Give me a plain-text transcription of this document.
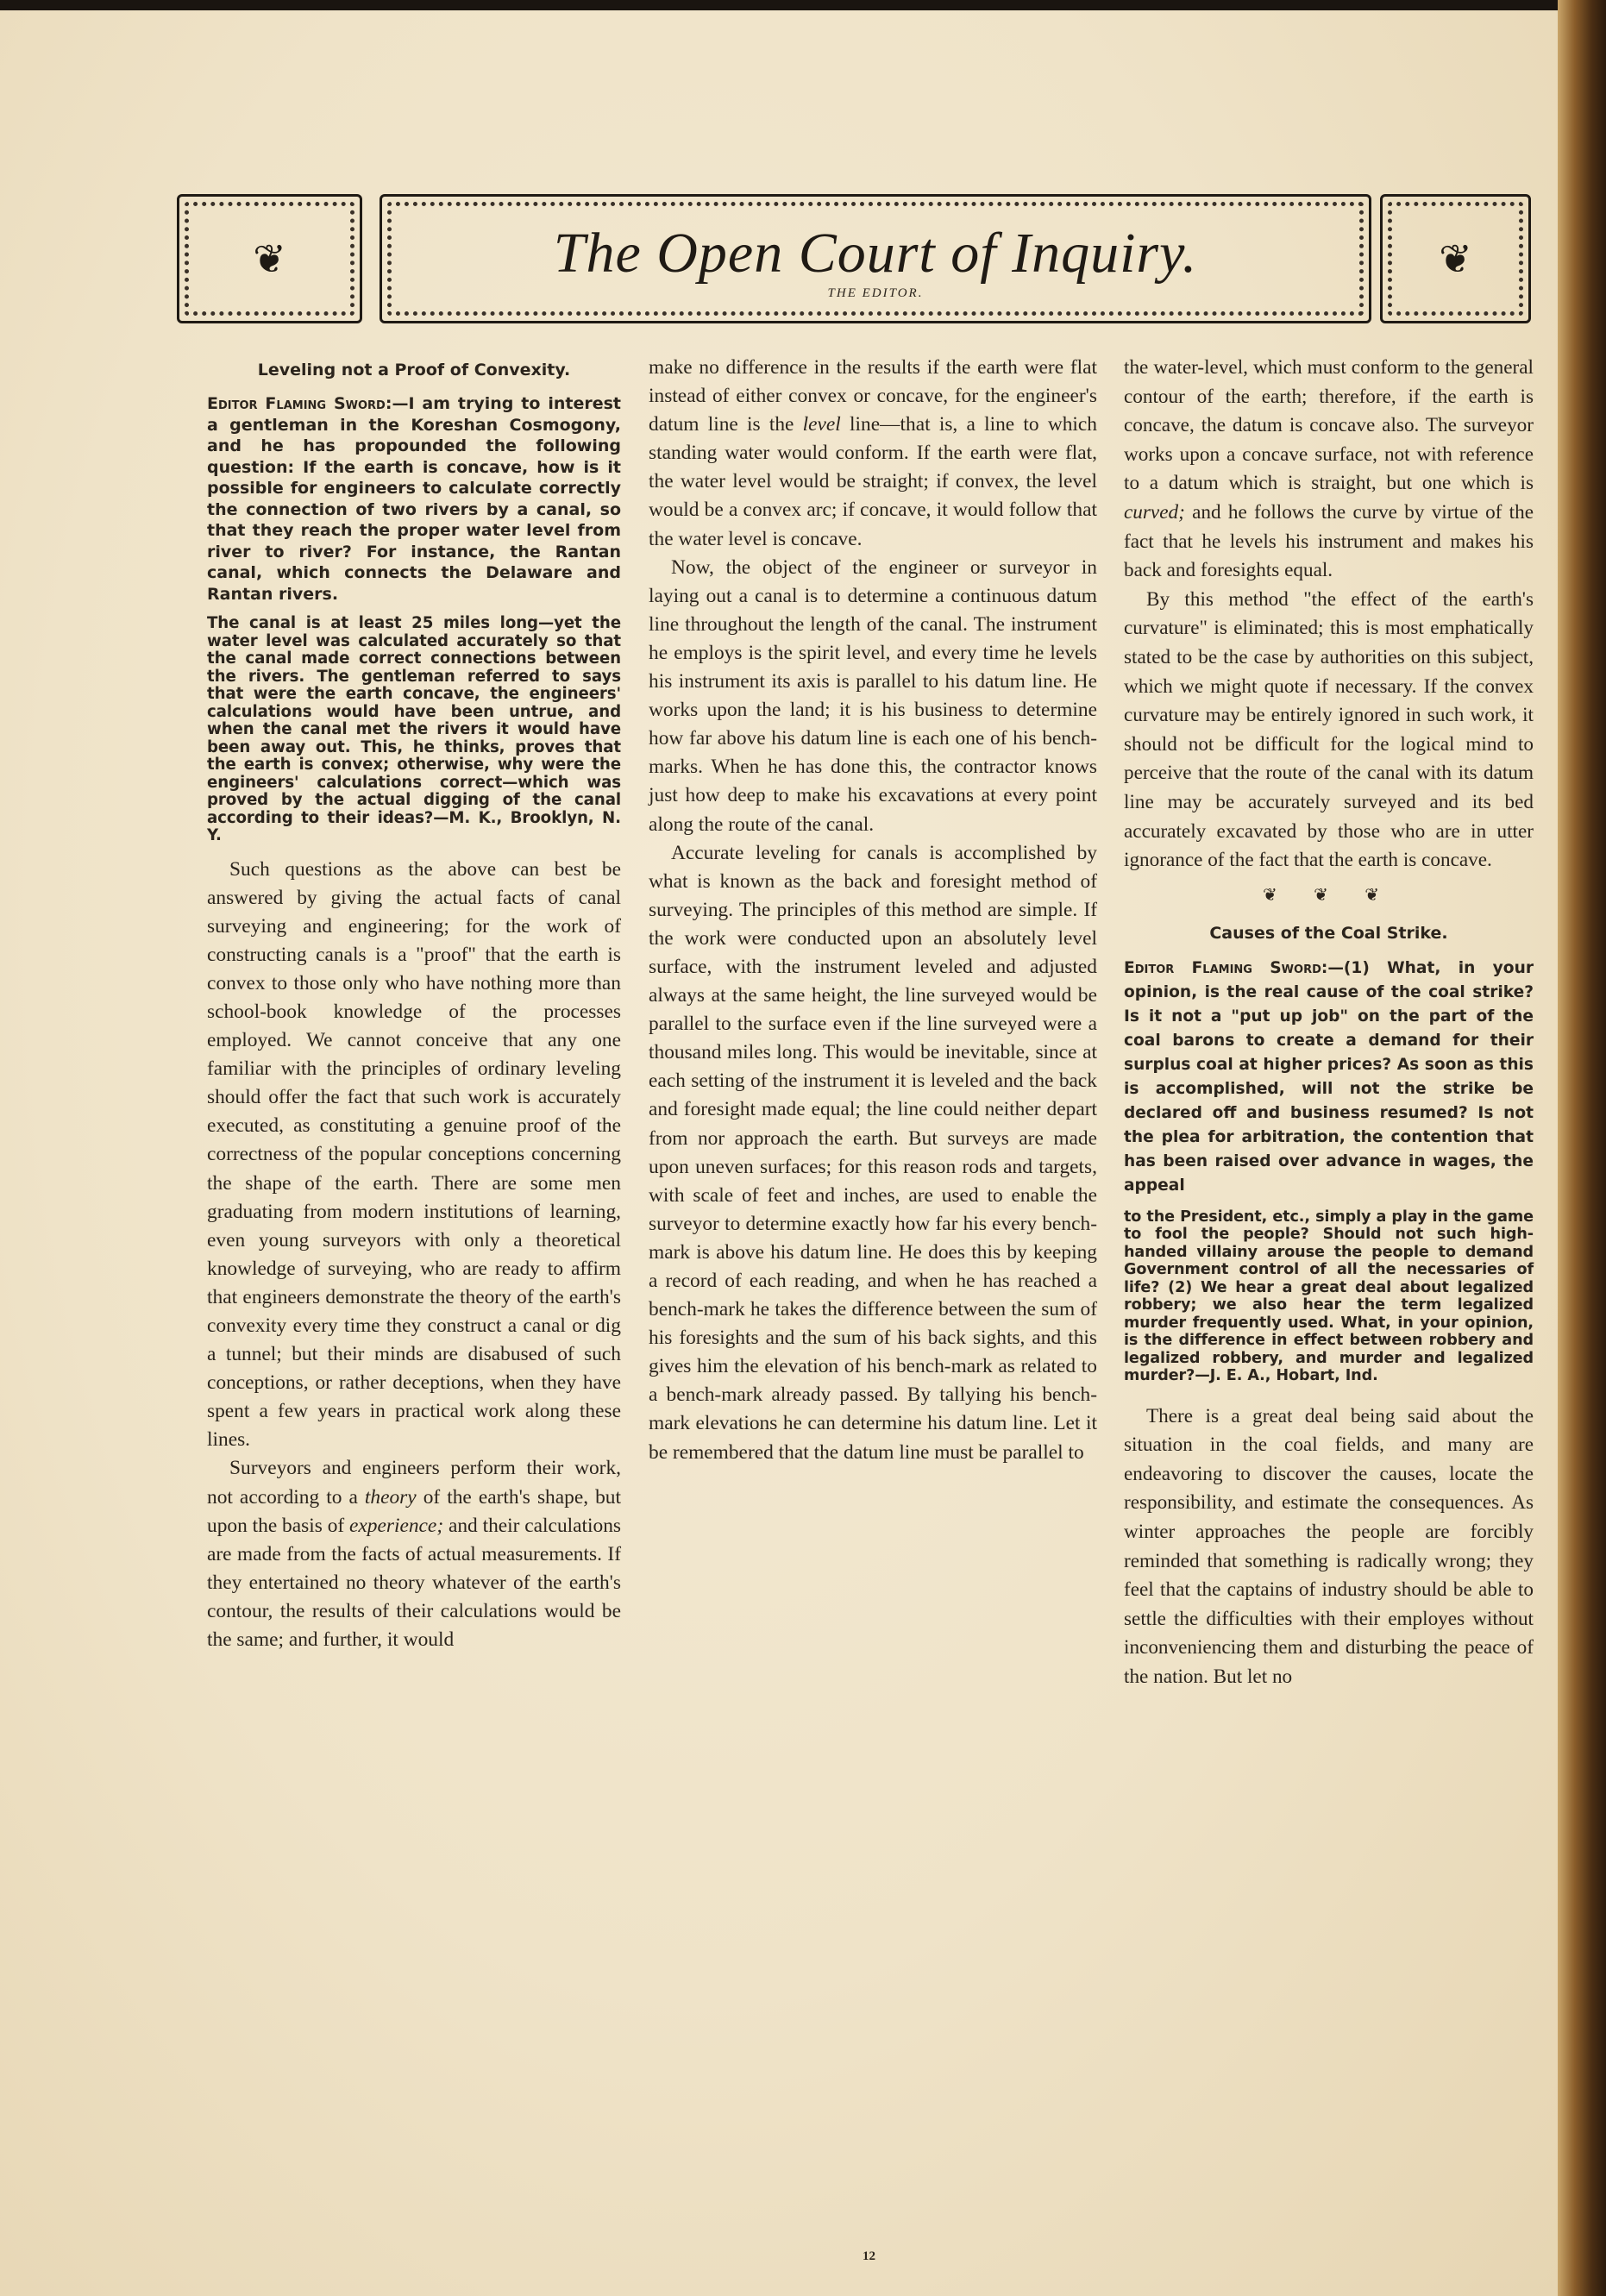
❦	The Open Court of Inquiry.
THE EDITOR.
❦
Leveling not a Proof of Convexity.
Editor Flaming Sword:—I am trying to interest a gentleman in the Koreshan Cosmogony, and he has propounded the following question: If the earth is concave, how is it possible for engineers to calculate correctly the connection of two rivers by a canal, so that they reach the proper water level from river to river? For instance, the Rantan canal, which connects the Delaware and Rantan rivers.
The canal is at least 25 miles long—yet the water level was calculated accurately so that the canal made correct connections between the rivers. The gentleman referred to says that were the earth concave, the engineers' calculations would have been untrue, and when the canal met the rivers it would have been away out. This, he thinks, proves that the earth is convex; otherwise, why were the engineers' calculations correct—which was proved by the actual digging of the canal according to their ideas?—M. K., Brooklyn, N. Y.

Such questions as the above can best be answered by giving the actual facts of canal surveying and engineering; for the work of constructing canals is a "proof" that the earth is convex to those only who have nothing more than school-book knowledge of the processes employed. We cannot conceive that any one familiar with the principles of ordinary leveling should offer the fact that such work is accurately executed, as constituting a genuine proof of the correctness of the popular conceptions concerning the shape of the earth. There are some men graduating from modern institutions of learning, even young surveyors with only a theoretical knowledge of surveying, who are ready to affirm that engineers demonstrate the theory of the earth's convexity every time they construct a canal or dig a tunnel; but their minds are disabused of such conceptions, or rather deceptions, when they have spent a few years in practical work along these lines.

Surveyors and engineers perform their work, not according to a theory of the earth's shape, but upon the basis of experience; and their calculations are made from the facts of actual measurements. If they entertained no theory whatever of the earth's contour, the results of their calculations would be the same; and further, it would

make no difference in the results if the earth were flat instead of either convex or concave, for the engineer's datum line is the level line—that is, a line to which standing water would conform. If the earth were flat, the water level would be straight; if convex, the level would be a convex arc; if concave, it would follow that the water level is concave.

Now, the object of the engineer or surveyor in laying out a canal is to determine a continuous datum line throughout the length of the canal. The instrument he employs is the spirit level, and every time he levels his instrument its axis is parallel to his datum line. He works upon the land; it is his business to determine how far above his datum line is each one of his bench-marks. When he has done this, the contractor knows just how deep to make his excavations at every point along the route of the canal.

Accurate leveling for canals is accomplished by what is known as the back and foresight method of surveying. The principles of this method are simple. If the work were conducted upon an absolutely level surface, with the instrument leveled and adjusted always at the same height, the line surveyed would be parallel to the surface even if the line surveyed were a thousand miles long. This would be inevitable, since at each setting of the instrument it is leveled and the back and foresight made equal; the line could neither depart from nor approach the earth. But surveys are made upon uneven surfaces; for this reason rods and targets, with scale of feet and inches, are used to enable the surveyor to determine exactly how far his every bench-mark is above his datum line. He does this by keeping a record of each reading, and when he has reached a bench-mark he takes the difference between the sum of his foresights and the sum of his back sights, and this gives him the elevation of his bench-mark as related to a bench-mark already passed. By tallying his bench-mark elevations he can determine his datum line. Let it be remembered that the datum line must be parallel to

the water-level, which must conform to the general contour of the earth; therefore, if the earth is concave, the datum is concave also. The surveyor works upon a concave surface, not with reference to a datum which is straight, but one which is curved; and he follows the curve by virtue of the fact that he levels his instrument and makes his back and foresights equal.

By this method "the effect of the earth's curvature" is eliminated; this is most emphatically stated to be the case by authorities on this subject, which we might quote if necessary. If the convex curvature may be entirely ignored in such work, it should not be difficult for the logical mind to perceive that the route of the canal with its datum line may be accurately surveyed and its bed accurately excavated by those who are in utter ignorance of the fact that the earth is concave.

❦ ❦ ❦
Causes of the Coal Strike.
Editor Flaming Sword:—(1) What, in your opinion, is the real cause of the coal strike? Is it not a "put up job" on the part of the coal barons to create a demand for their surplus coal at higher prices? As soon as this is accomplished, will not the strike be declared off and business resumed? Is not the plea for arbitration, the contention that has been raised over advance in wages, the appeal
to the President, etc., simply a play in the game to fool the people? Should not such high-handed villainy arouse the people to demand Government control of all the necessaries of life? (2) We hear a great deal about legalized robbery; we also hear the term legalized murder frequently used. What, in your opinion, is the difference in effect between robbery and legalized robbery, and murder and legalized murder?—J. E. A., Hobart, Ind.

There is a great deal being said about the situation in the coal fields, and many are endeavoring to discover the causes, locate the responsibility, and estimate the consequences. As winter approaches the people are forcibly reminded that something is radically wrong; they feel that the captains of industry should be able to settle the difficulties with their employes without inconveniencing them and disturbing the peace of the nation. But let no

12
